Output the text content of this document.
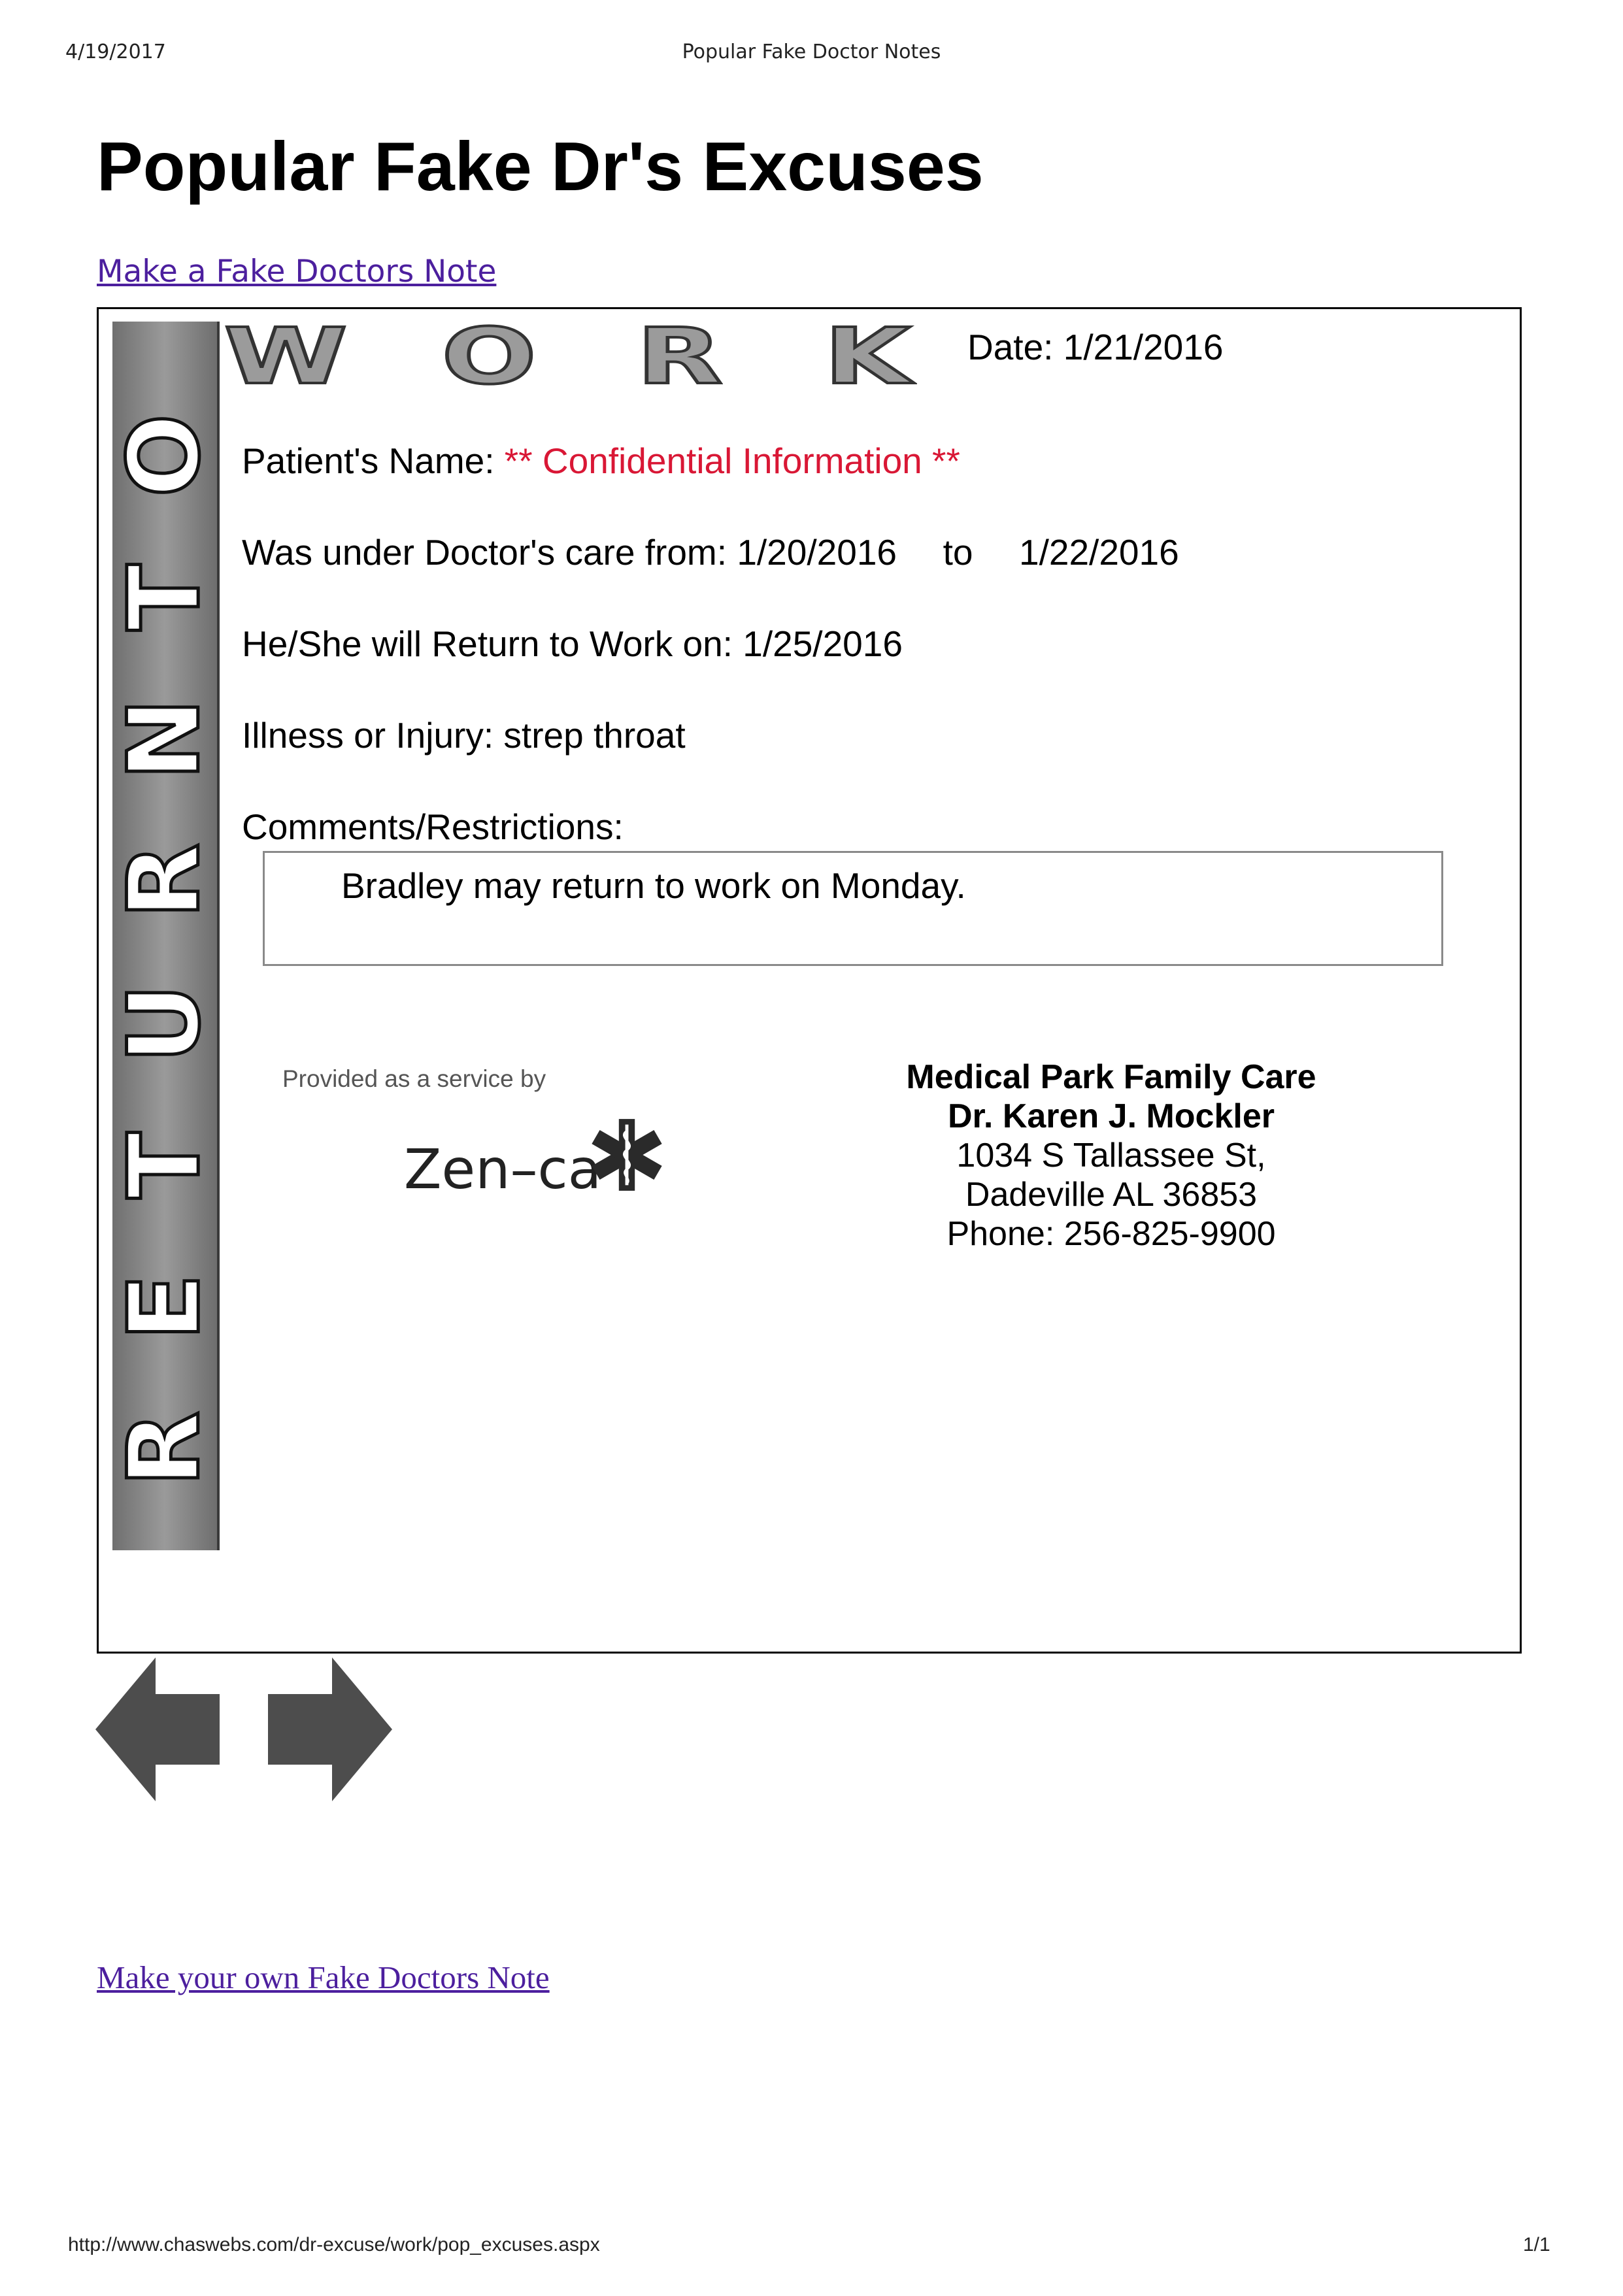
4/19/2017	Popular Fake Doctor Notes
Popular Fake Dr's Excuses
Make a Fake Doctors Note
O
T
N
R
U
T
E
R
W O R K Date: 1/21/2016
Patient's Name: ** Confidential Information **
Was under Doctor's care from: 1/20/2016 to 1/22/2016
He/She will Return to Work on: 1/25/2016
Illness or Injury: strep throat
Comments/Restrictions:
Bradley may return to work on Monday.
Provided as a service by
Zen–ca
Medical Park Family Care
Dr. Karen J. Mockler
1034 S Tallassee St,
Dadeville AL 36853
Phone: 256-825-9900
Make your own Fake Doctors Note
http://www.chaswebs.com/dr-excuse/work/pop_excuses.aspx	1/1
